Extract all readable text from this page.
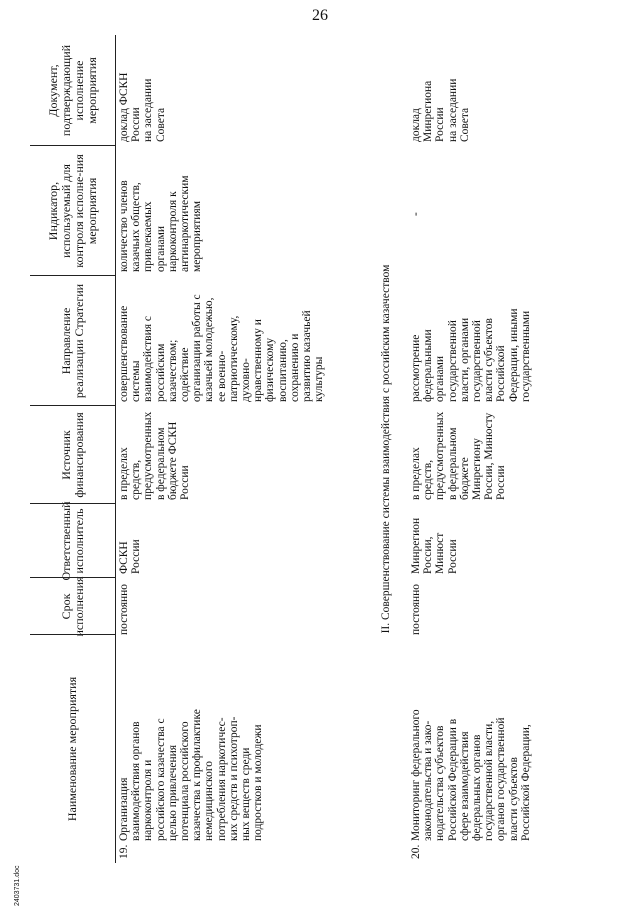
26
Наименование мероприятия
Срок исполнения
Ответственный исполнитель
Источник финансирования
Направление реализации Стратегии
Индикатор, используемый для контроля исполне-ния мероприятия
Документ, подтверждающий исполнение мероприятия
19.
Организация
взаимодействия органов
наркоконтроля и
российского казачества с
целью привлечения
потенциала российского
казачества к профилактике
немедицинского
потребления наркотичес-
ких средств и психотроп-
ных веществ среди
подростков и молодежи
постоянно
ФСКН России
в пределах
средств,
предусмотренных
в федеральном
бюджете ФСКН
России
совершенствование
системы
взаимодействия с
российским
казачеством;
содействие
организации работы с
казачьей молодежью,
ее военно-
патриотическому,
духовно-
нравственному и
физическому
воспитанию,
сохранению и
развитию казачьей
культуры
количество членов
казачьих обществ,
привлекаемых
органами
наркоконтроля к
антинаркотическим
мероприятиям
доклад ФСКН
России
на заседании
Совета
II. Совершенствование системы взаимодействия с российским казачеством
20.
Мониторинг федерального
законодательства и зако-
нодательства субъектов
Российской Федерации в
сфере взаимодействия
федеральных органов
государственной власти,
органов государственной
власти субъектов
Российской Федерации,
постоянно
Минрегион
России,
Минюст
России
в пределах
средств,
предусмотренных
в федеральном
бюджете
Минрегиону
России, Минюсту
России
рассмотрение
федеральными
органами
государственной
власти, органами
государственной
власти субъектов
Российской
Федерации, иными
государственными
-
доклад
Минрегиона
России
на заседании
Совета
2403731.doc
